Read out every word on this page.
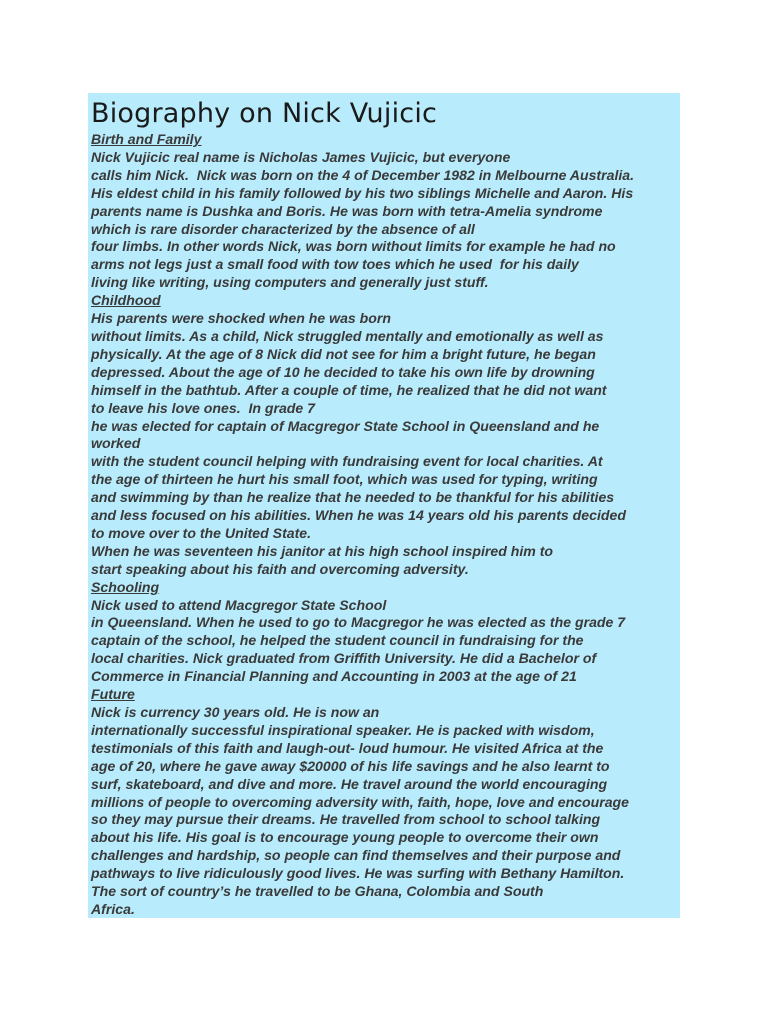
Biography on Nick Vujicic
Birth and Family
Nick Vujicic real name is Nicholas James Vujicic, but everyone
calls him Nick.  Nick was born on the 4 of December 1982 in Melbourne Australia.
His eldest child in his family followed by his two siblings Michelle and Aaron. His
parents name is Dushka and Boris. He was born with tetra-Amelia syndrome
which is rare disorder characterized by the absence of all
four limbs. In other words Nick, was born without limits for example he had no
arms not legs just a small food with tow toes which he used  for his daily
living like writing, using computers and generally just stuff.
Childhood
His parents were shocked when he was born
without limits. As a child, Nick struggled mentally and emotionally as well as
physically. At the age of 8 Nick did not see for him a bright future, he began
depressed. About the age of 10 he decided to take his own life by drowning
himself in the bathtub. After a couple of time, he realized that he did not want
to leave his love ones.  In grade 7
he was elected for captain of Macgregor State School in Queensland and he
worked
with the student council helping with fundraising event for local charities. At
the age of thirteen he hurt his small foot, which was used for typing, writing
and swimming by than he realize that he needed to be thankful for his abilities
and less focused on his abilities. When he was 14 years old his parents decided
to move over to the United State.
When he was seventeen his janitor at his high school inspired him to
start speaking about his faith and overcoming adversity.
Schooling
Nick used to attend Macgregor State School
in Queensland. When he used to go to Macgregor he was elected as the grade 7
captain of the school, he helped the student council in fundraising for the
local charities. Nick graduated from Griffith University. He did a Bachelor of
Commerce in Financial Planning and Accounting in 2003 at the age of 21
Future
Nick is currency 30 years old. He is now an
internationally successful inspirational speaker. He is packed with wisdom,
testimonials of this faith and laugh-out- loud humour. He visited Africa at the
age of 20, where he gave away $20000 of his life savings and he also learnt to
surf, skateboard, and dive and more. He travel around the world encouraging
millions of people to overcoming adversity with, faith, hope, love and encourage
so they may pursue their dreams. He travelled from school to school talking
about his life. His goal is to encourage young people to overcome their own
challenges and hardship, so people can find themselves and their purpose and
pathways to live ridiculously good lives. He was surfing with Bethany Hamilton.
The sort of country’s he travelled to be Ghana, Colombia and South
Africa.
